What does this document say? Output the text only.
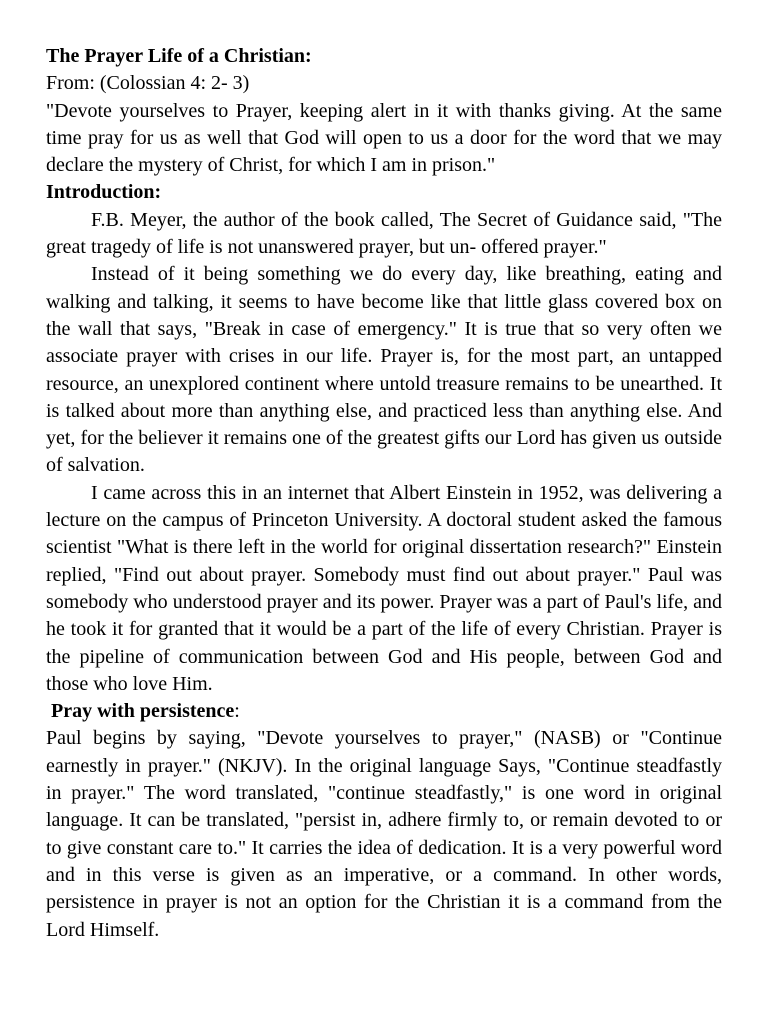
The Prayer Life of a Christian:
From: (Colossian 4: 2- 3)
"Devote yourselves to Prayer, keeping alert in it with thanks giving. At the same time pray for us as well that God will open to us a door for the word that we may declare the mystery of Christ, for which I am in prison."
Introduction:
F.B. Meyer, the author of the book called, The Secret of Guidance said, "The great tragedy of life is not unanswered prayer, but un- offered prayer."
Instead of it being something we do every day, like breathing, eating and walking and talking, it seems to have become like that little glass covered box on the wall that says, "Break in case of emergency." It is true that so very often we associate prayer with crises in our life. Prayer is, for the most part, an untapped resource, an unexplored continent where untold treasure remains to be unearthed. It is talked about more than anything else, and practiced less than anything else. And yet, for the believer it remains one of the greatest gifts our Lord has given us outside of salvation.
I came across this in an internet that Albert Einstein in 1952, was delivering a lecture on the campus of Princeton University. A doctoral student asked the famous scientist "What is there left in the world for original dissertation research?" Einstein replied, "Find out about prayer. Somebody must find out about prayer." Paul was somebody who understood prayer and its power. Prayer was a part of Paul's life, and he took it for granted that it would be a part of the life of every Christian. Prayer is the pipeline of communication between God and His people, between God and those who love Him.
Pray with persistence:
Paul begins by saying, "Devote yourselves to prayer," (NASB) or "Continue earnestly in prayer." (NKJV). In the original language Says, "Continue steadfastly in prayer." The word translated, "continue steadfastly," is one word in original language. It can be translated, "persist in, adhere firmly to, or remain devoted to or to give constant care to." It carries the idea of dedication. It is a very powerful word and in this verse is given as an imperative, or a command. In other words, persistence in prayer is not an option for the Christian it is a command from the Lord Himself.
